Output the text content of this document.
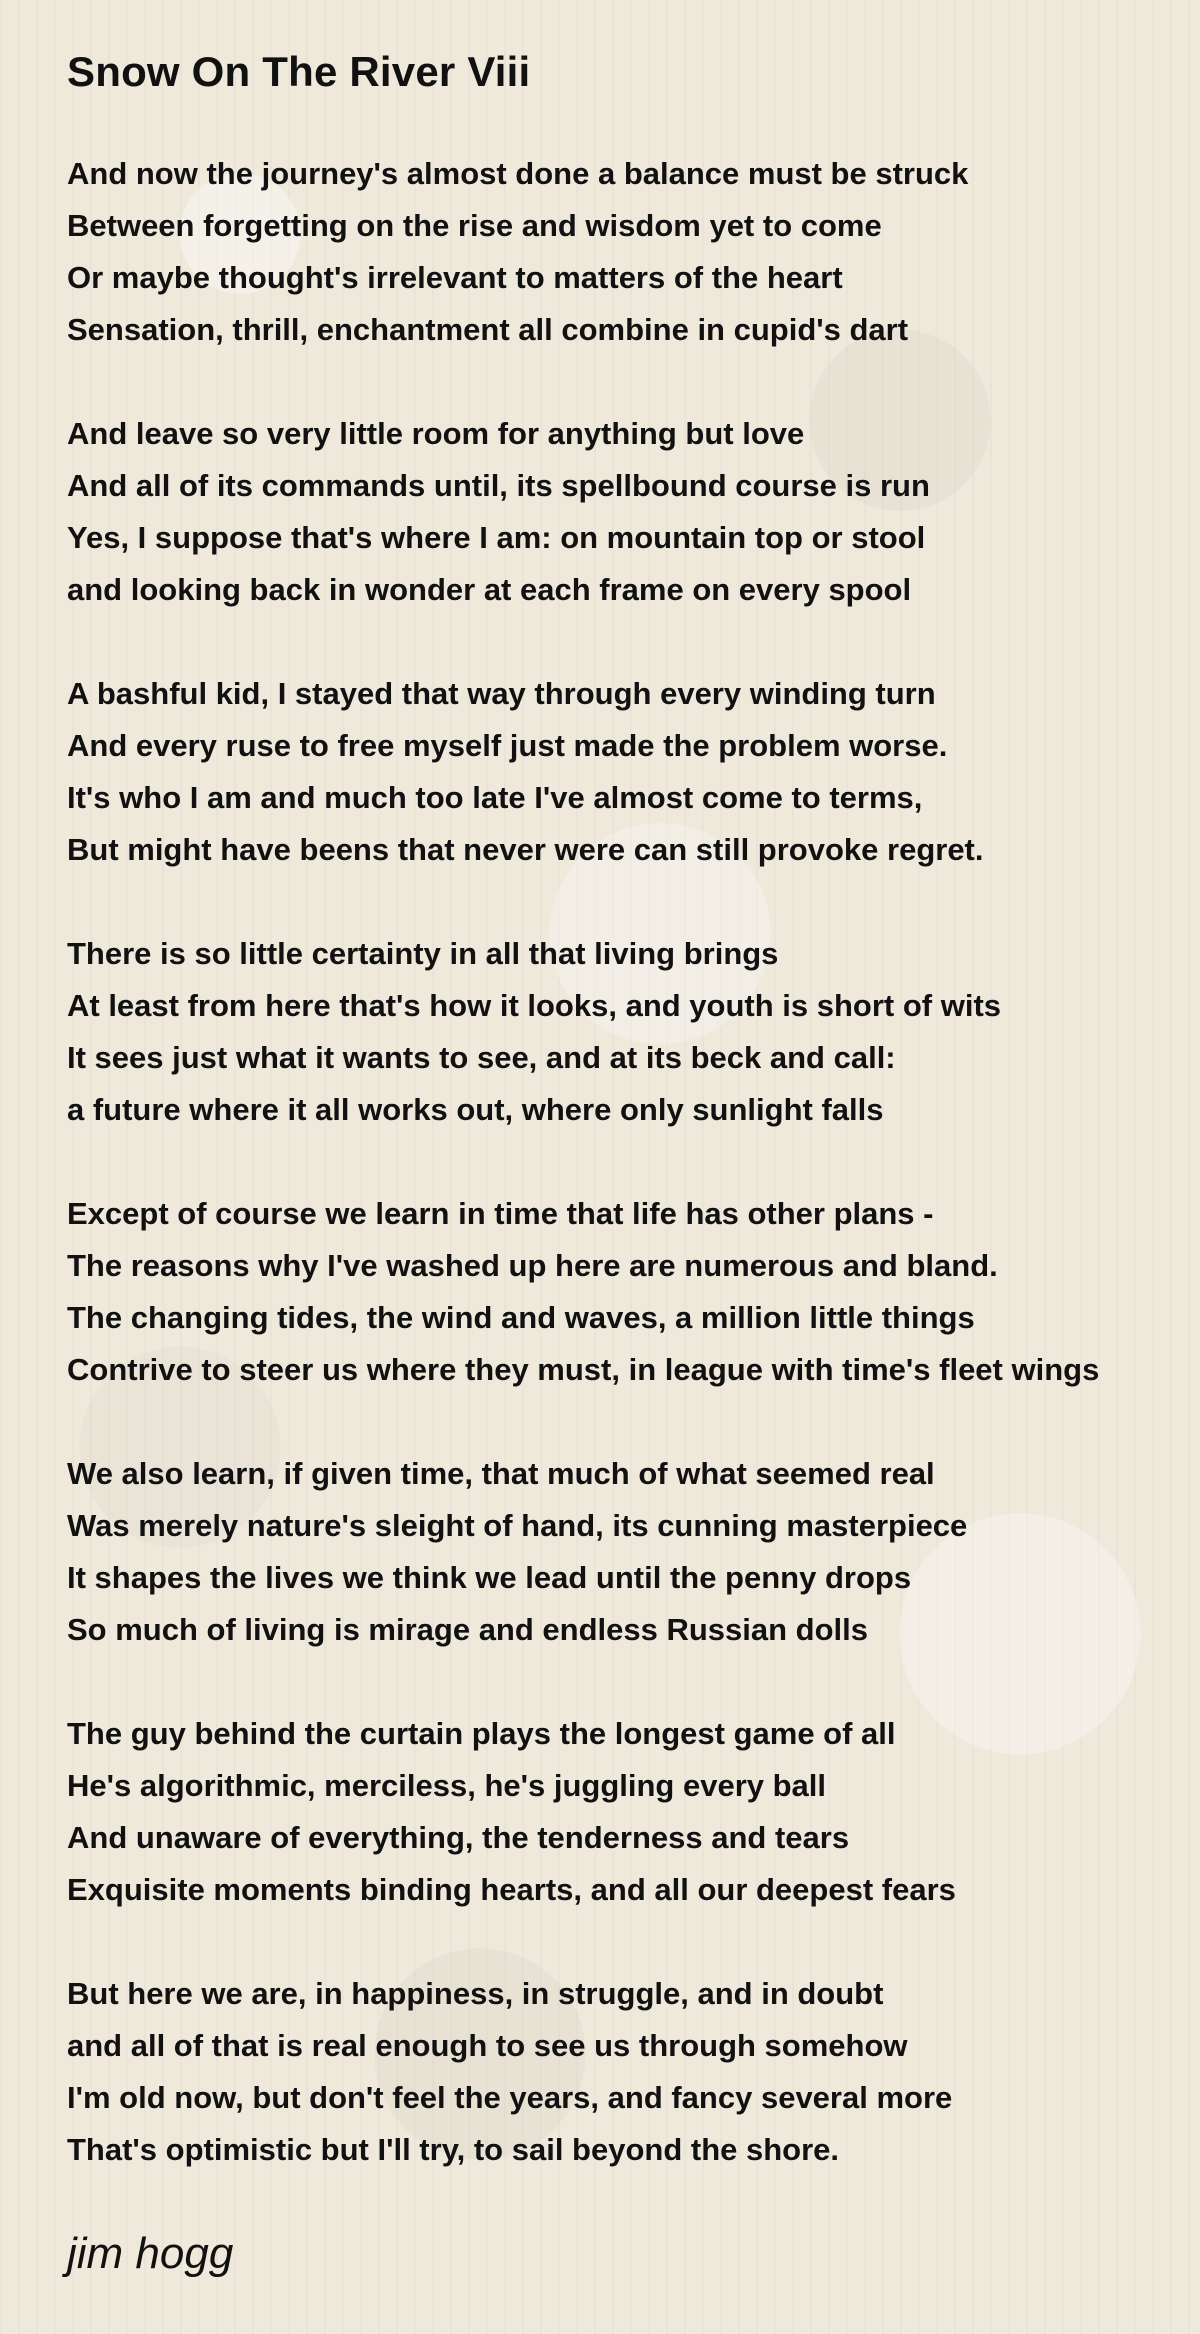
Snow On The River Viii
And now the journey's almost done a balance must be struck
Between forgetting on the rise and wisdom yet to come
Or maybe thought's irrelevant to matters of the heart
Sensation, thrill, enchantment all combine in cupid's dart
And leave so very little room for anything but love
And all of its commands until, its spellbound course is run
Yes, I suppose that's where I am: on mountain top or stool
and looking back in wonder at each frame on every spool
A bashful kid, I stayed that way through every winding turn
And every ruse to free myself just made the problem worse.
It's who I am and much too late I've almost come to terms,
But might have beens that never were can still provoke regret.
There is so little certainty in all that living brings
At least from here that's how it looks, and youth is short of wits
It sees just what it wants to see, and at its beck and call:
a future where it all works out, where only sunlight falls
Except of course we learn in time that life has other plans -
The reasons why I've washed up here are numerous and bland.
The changing tides, the wind and waves, a million little things
Contrive to steer us where they must, in league with time's fleet wings
We also learn, if given time, that much of what seemed real
Was merely nature's sleight of hand, its cunning masterpiece
It shapes the lives we think we lead until the penny drops
So much of living is mirage and endless Russian dolls
The guy behind the curtain plays the longest game of all
He's algorithmic, merciless, he's juggling every ball
And unaware of everything, the tenderness and tears
Exquisite moments binding hearts, and all our deepest fears
But here we are, in happiness, in struggle, and in doubt
and all of that is real enough to see us through somehow
I'm old now, but don't feel the years, and fancy several more
That's optimistic but I'll try, to sail beyond the shore.

jim hogg
